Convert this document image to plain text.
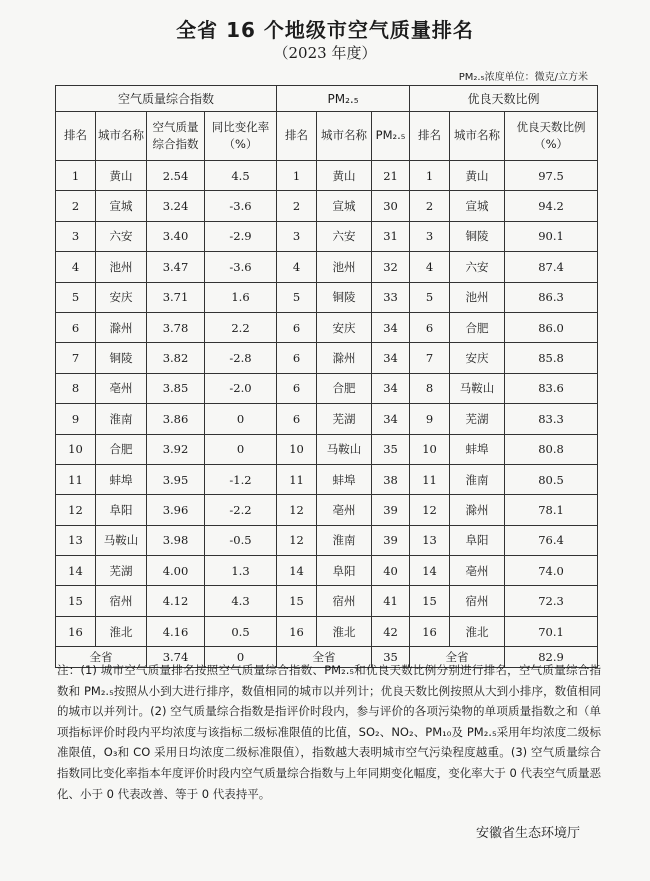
全省 16 个地级市空气质量排名
（2023 年度）
PM₂.₅浓度单位：微克/立方米
空气质量综合指数				PM₂.₅			优良天数比例		
排名	城市名称	空气质量综合指数	同比变化率（%）	排名	城市名称	PM₂.₅	排名	城市名称	优良天数比例（%）
1	黄山	2.54	4.5	1	黄山	21	1	黄山	97.5
2	宣城	3.24	-3.6	2	宣城	30	2	宣城	94.2
3	六安	3.40	-2.9	3	六安	31	3	铜陵	90.1
4	池州	3.47	-3.6	4	池州	32	4	六安	87.4
5	安庆	3.71	1.6	5	铜陵	33	5	池州	86.3
6	滁州	3.78	2.2	6	安庆	34	6	合肥	86.0
7	铜陵	3.82	-2.8	6	滁州	34	7	安庆	85.8
8	亳州	3.85	-2.0	6	合肥	34	8	马鞍山	83.6
9	淮南	3.86	0	6	芜湖	34	9	芜湖	83.3
10	合肥	3.92	0	10	马鞍山	35	10	蚌埠	80.8
11	蚌埠	3.95	-1.2	11	蚌埠	38	11	淮南	80.5
12	阜阳	3.96	-2.2	12	亳州	39	12	滁州	78.1
13	马鞍山	3.98	-0.5	12	淮南	39	13	阜阳	76.4
14	芜湖	4.00	1.3	14	阜阳	40	14	亳州	74.0
15	宿州	4.12	4.3	15	宿州	41	15	宿州	72.3
16	淮北	4.16	0.5	16	淮北	42	16	淮北	70.1
全省		3.74	0	全省		35	全省		82.9
注：(1) 城市空气质量排名按照空气质量综合指数、PM₂.₅和优良天数比例分别进行排名，空气质量综合指数和 PM₂.₅按照从小到大进行排序，数值相同的城市以并列计；优良天数比例按照从大到小排序，数值相同的城市以并列计。(2) 空气质量综合指数是指评价时段内，参与评价的各项污染物的单项质量指数之和（单项指标评价时段内平均浓度与该指标二级标准限值的比值，SO₂、NO₂、PM₁₀及 PM₂.₅采用年均浓度二级标准限值，O₃和 CO 采用日均浓度二级标准限值），指数越大表明城市空气污染程度越重。(3) 空气质量综合指数同比变化率指本年度评价时段内空气质量综合指数与上年同期变化幅度，变化率大于 0 代表空气质量恶化、小于 0 代表改善、等于 0 代表持平。
安徽省生态环境厅
